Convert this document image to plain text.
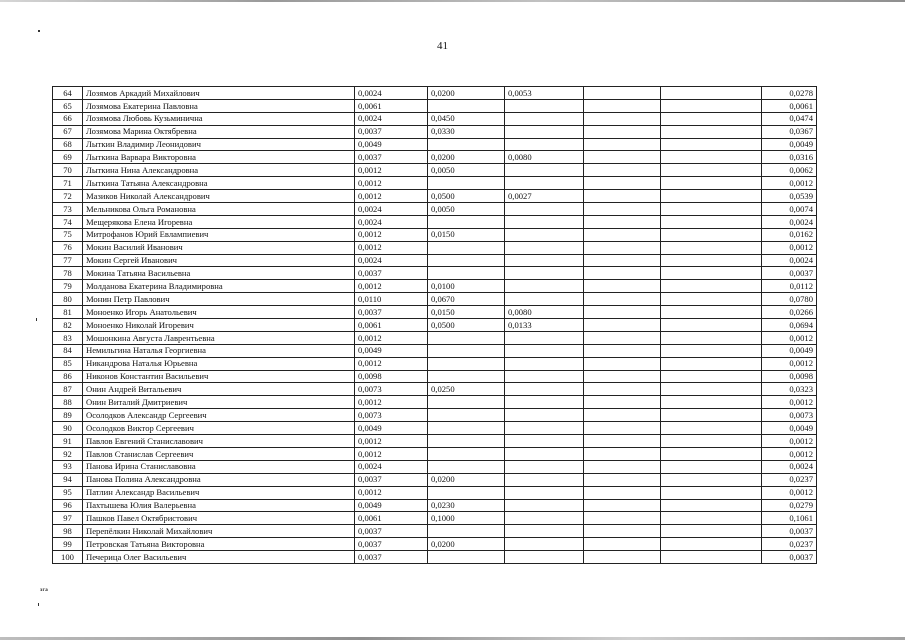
41
64	Лозямов Аркадий Михайлович	0,0024	0,0200	0,0053			0,0278
65	Лозямова Екатерина Павловна	0,0061					0,0061
66	Лозямова Любовь Кузьминична	0,0024	0,0450				0,0474
67	Лозямова Марина Октябревна	0,0037	0,0330				0,0367
68	Лыткин Владимир Леонидович	0,0049					0,0049
69	Лыткина Варвара Викторовна	0,0037	0,0200	0,0080			0,0316
70	Лыткина Нина Александровна	0,0012	0,0050				0,0062
71	Лыткина Татьяна Александровна	0,0012					0,0012
72	Мазиков Николай Александрович	0,0012	0,0500	0,0027			0,0539
73	Мельникова Ольга Романовна	0,0024	0,0050				0,0074
74	Мещерякова Елена Игоревна	0,0024					0,0024
75	Митрофанов Юрий Евлампиевич	0,0012	0,0150				0,0162
76	Мокин Василий Иванович	0,0012					0,0012
77	Мокин Сергей Иванович	0,0024					0,0024
78	Мокина Татьяна Васильевна	0,0037					0,0037
79	Молданова Екатерина Владимировна	0,0012	0,0100				0,0112
80	Монин Петр Павлович	0,0110	0,0670				0,0780
81	Моноенко Игорь Анатольевич	0,0037	0,0150	0,0080			0,0266
82	Моноенко Николай Игоревич	0,0061	0,0500	0,0133			0,0694
83	Мошонкина Августа Лаврентьевна	0,0012					0,0012
84	Немильгина Наталья Георгиевна	0,0049					0,0049
85	Никандрова Наталья Юрьевна	0,0012					0,0012
86	Никонов Константин Васильевич	0,0098					0,0098
87	Онин Андрей Витальевич	0,0073	0,0250				0,0323
88	Онин Виталий Дмитриевич	0,0012					0,0012
89	Осолодков Александр Сергеевич	0,0073					0,0073
90	Осолодков Виктор Сергеевич	0,0049					0,0049
91	Павлов Евгений Станиславович	0,0012					0,0012
92	Павлов Станислав Сергеевич	0,0012					0,0012
93	Панова Ирина Станиславовна	0,0024					0,0024
94	Панова Полина Александровна	0,0037	0,0200				0,0237
95	Патлин Александр Васильевич	0,0012					0,0012
96	Пахтышева Юлия Валерьевна	0,0049	0,0230				0,0279
97	Пашков Павел Октябристович	0,0061	0,1000				0,1061
98	Перепёлкин Николай Михайлович	0,0037					0,0037
99	Петровская Татьяна Викторовна	0,0037	0,0200				0,0237
100	Печерица Олег Васильевич	0,0037					0,0037
зга
